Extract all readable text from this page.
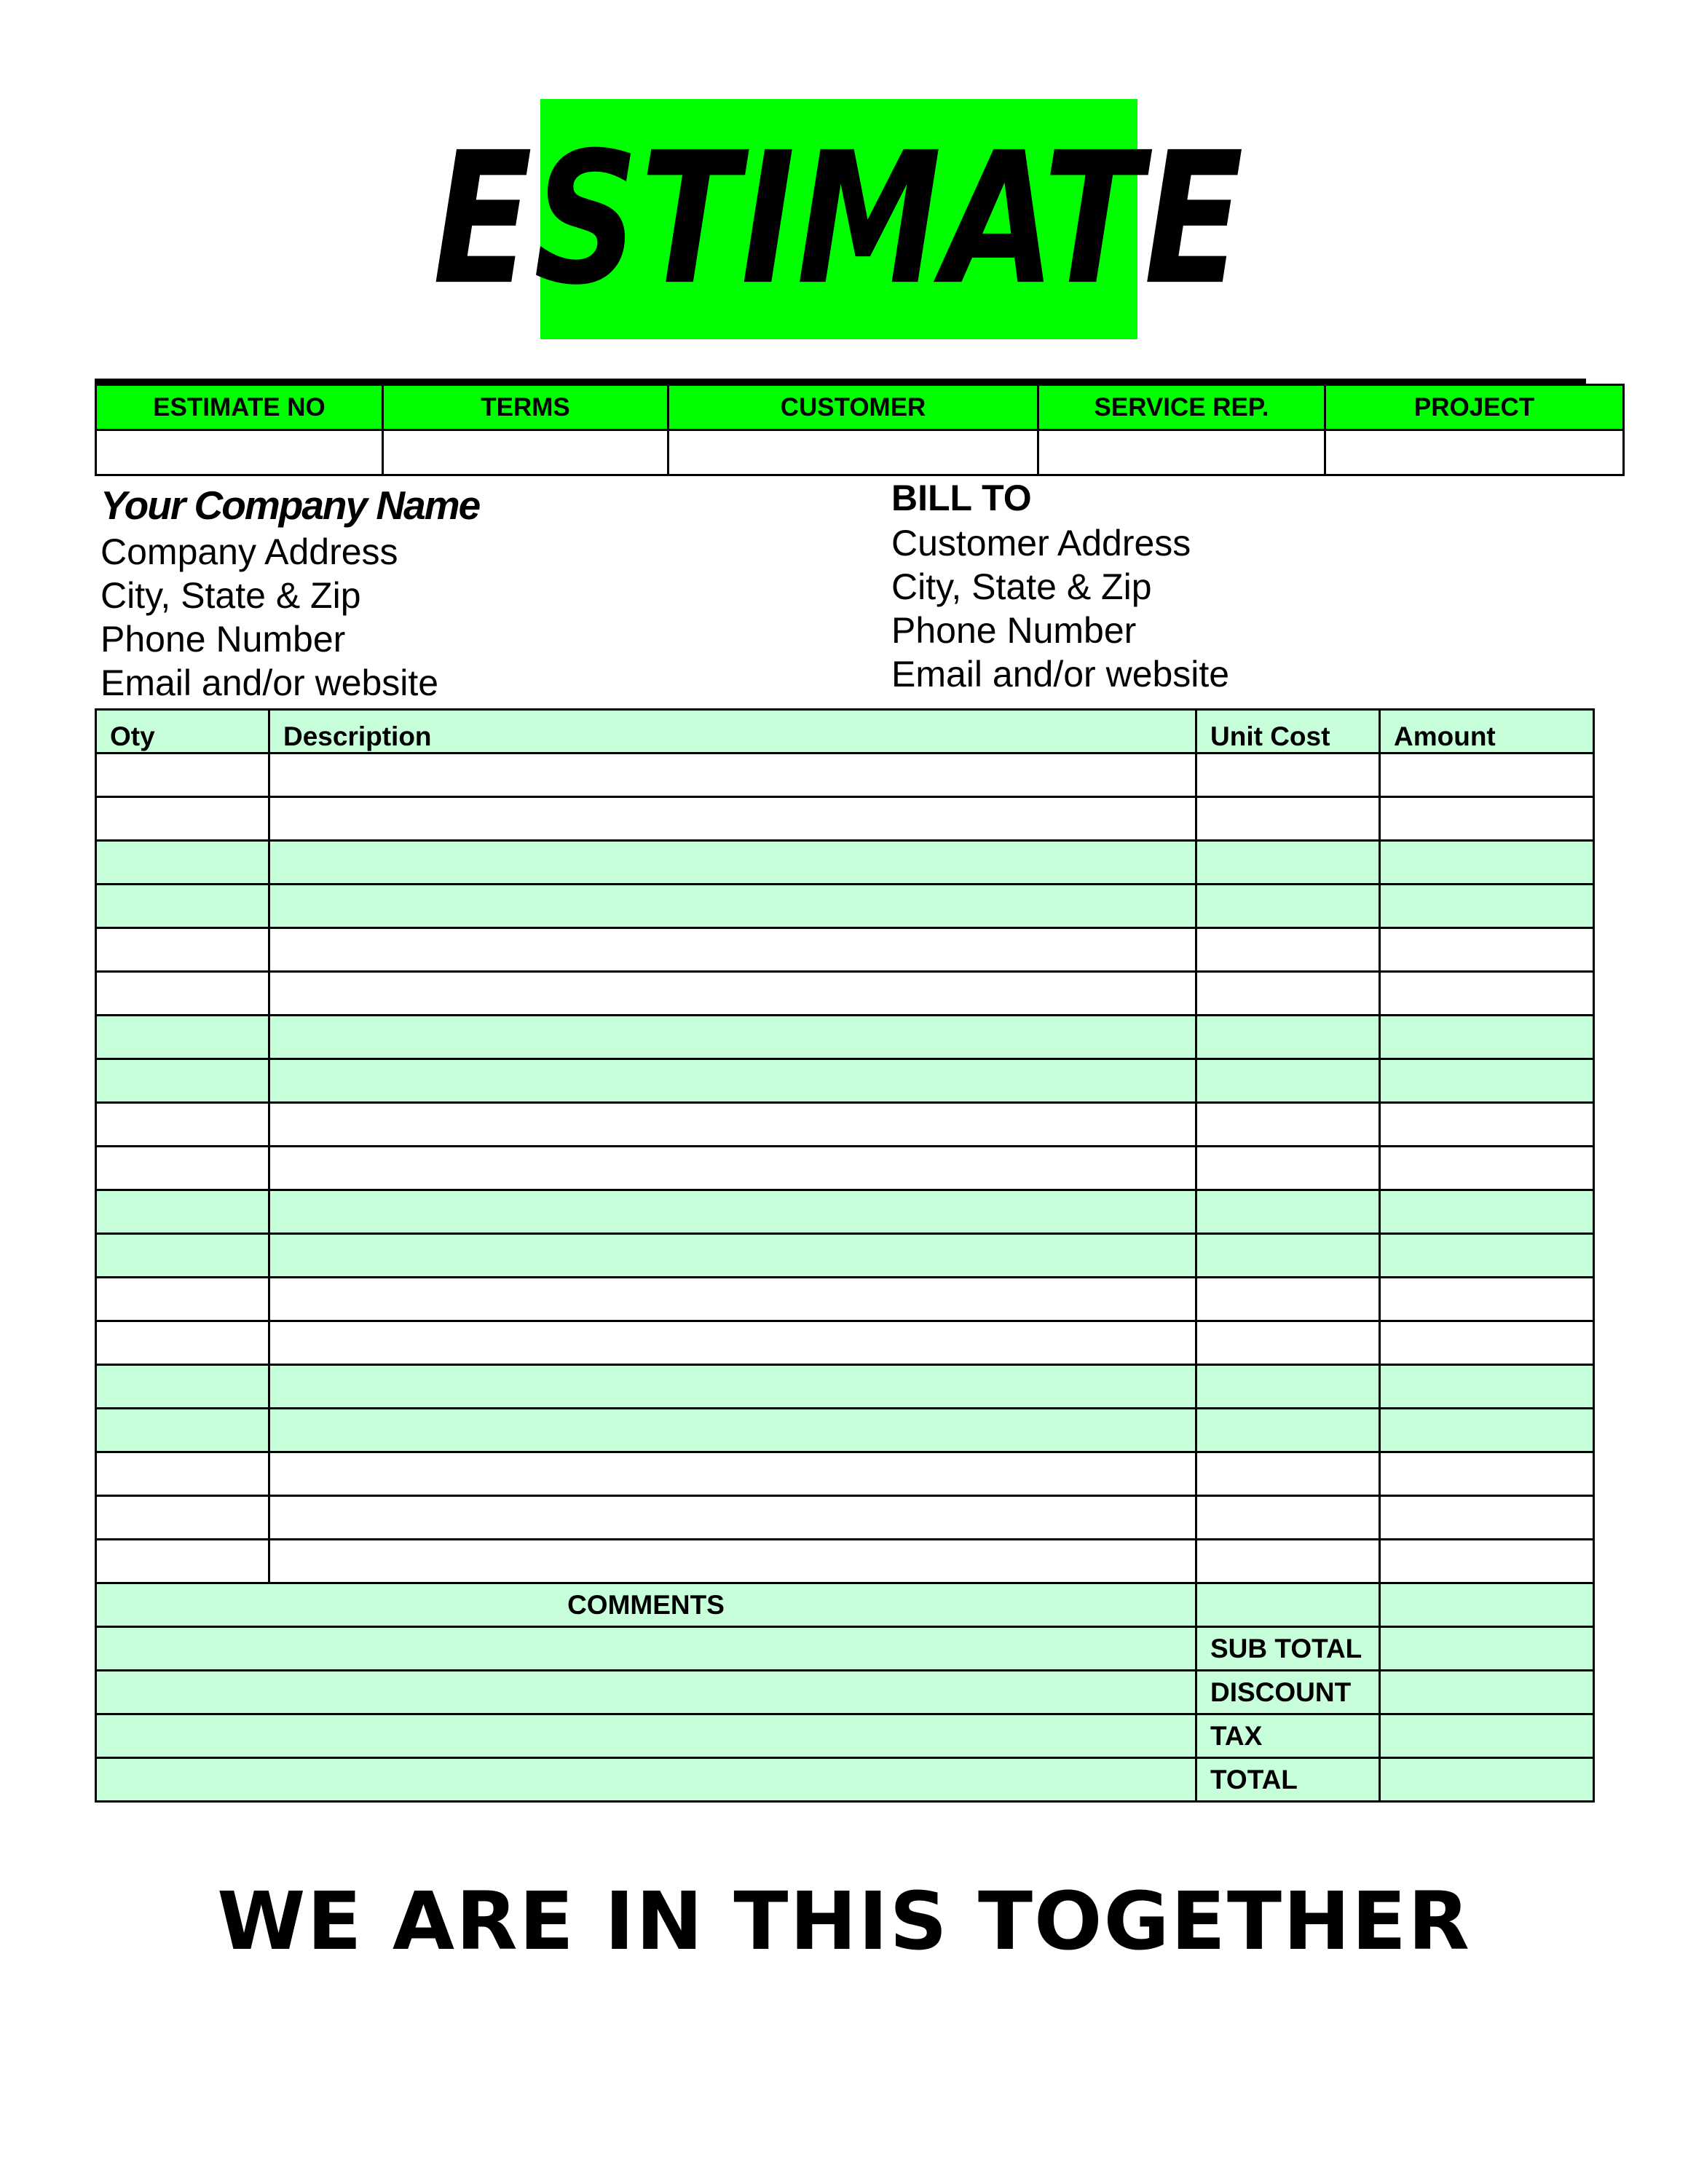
ESTIMATE
ESTIMATE NO	TERMS	CUSTOMER	SERVICE REP.	PROJECT

Your Company Name
Company Address
City, State & Zip
Phone Number
Email and/or website
BILL TO
Customer Address
City, State & Zip
Phone Number
Email and/or website
Oty	Description	Unit Cost	Amount

COMMENTS			
		SUB TOTAL	
		DISCOUNT	
		TAX	
		TOTAL	
WE ARE IN THIS TOGETHER
